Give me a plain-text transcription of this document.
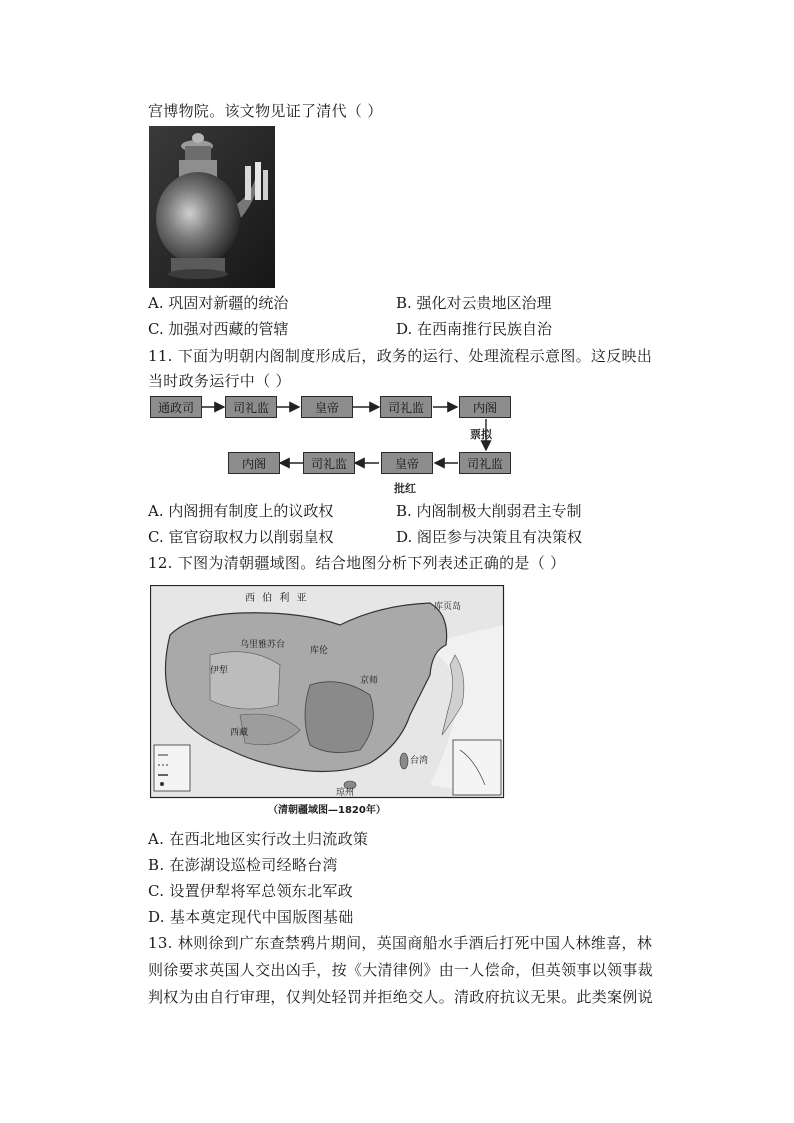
宫博物院。该文物见证了清代（ ）
A. 巩固对新疆的统治	B. 强化对云贵地区治理
C. 加强对西藏的管辖	D. 在西南推行民族自治
11. 下面为明朝内阁制度形成后，政务的运行、处理流程示意图。这反映出
当时政务运行中（ ）
通政司	司礼监	皇帝	司礼监	内阁
内阁	司礼监	皇帝	司礼监
票拟
批红
A. 内阁拥有制度上的议政权	B. 内阁制极大削弱君主专制
C. 宦官窃取权力以削弱皇权	D. 阁臣参与决策且有决策权
12. 下图为清朝疆域图。结合地图分析下列表述正确的是（ ）
西 伯 利 亚
乌里雅苏台
库伦
伊犁
京师
西藏
台湾
琼州
库页岛
（清朝疆域图—1820年）
A. 在西北地区实行改土归流政策
B. 在澎湖设巡检司经略台湾
C. 设置伊犁将军总领东北军政
D. 基本奠定现代中国版图基础
13. 林则徐到广东查禁鸦片期间，英国商船水手酒后打死中国人林维喜，林
则徐要求英国人交出凶手，按《大清律例》由一人偿命，但英领事以领事裁
判权为由自行审理，仅判处轻罚并拒绝交人。清政府抗议无果。此类案例说
